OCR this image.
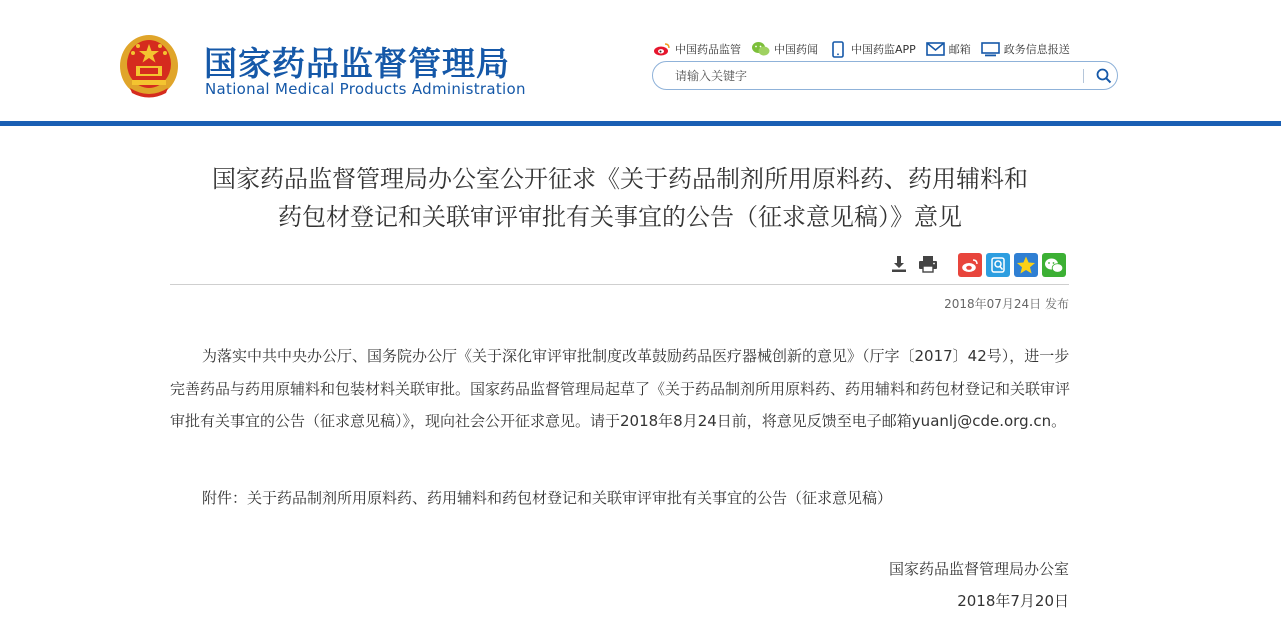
国家药品监督管理局
National Medical Products Administration
中国药品监管	中国药闻	中国药监APP	邮箱	政务信息报送
请输入关键字
国家药品监督管理局办公室公开征求《关于药品制剂所用原料药、药用辅料和
药包材登记和关联审评审批有关事宜的公告（征求意见稿）》意见
2018年07月24日 发布

为落实中共中央办公厅、国务院办公厅《关于深化审评审批制度改革鼓励药品医疗器械创新的意见》（厅字〔2017〕42号），进一步完善药品与药用原辅料和包装材料关联审批。国家药品监督管理局起草了《关于药品制剂所用原料药、药用辅料和药包材登记和关联审评审批有关事宜的公告（征求意见稿）》，现向社会公开征求意见。请于2018年8月24日前，将意见反馈至电子邮箱yuanlj@cde.org.cn。

附件：关于药品制剂所用原料药、药用辅料和药包材登记和关联审评审批有关事宜的公告（征求意见稿）
国家药品监督管理局办公室
2018年7月20日
